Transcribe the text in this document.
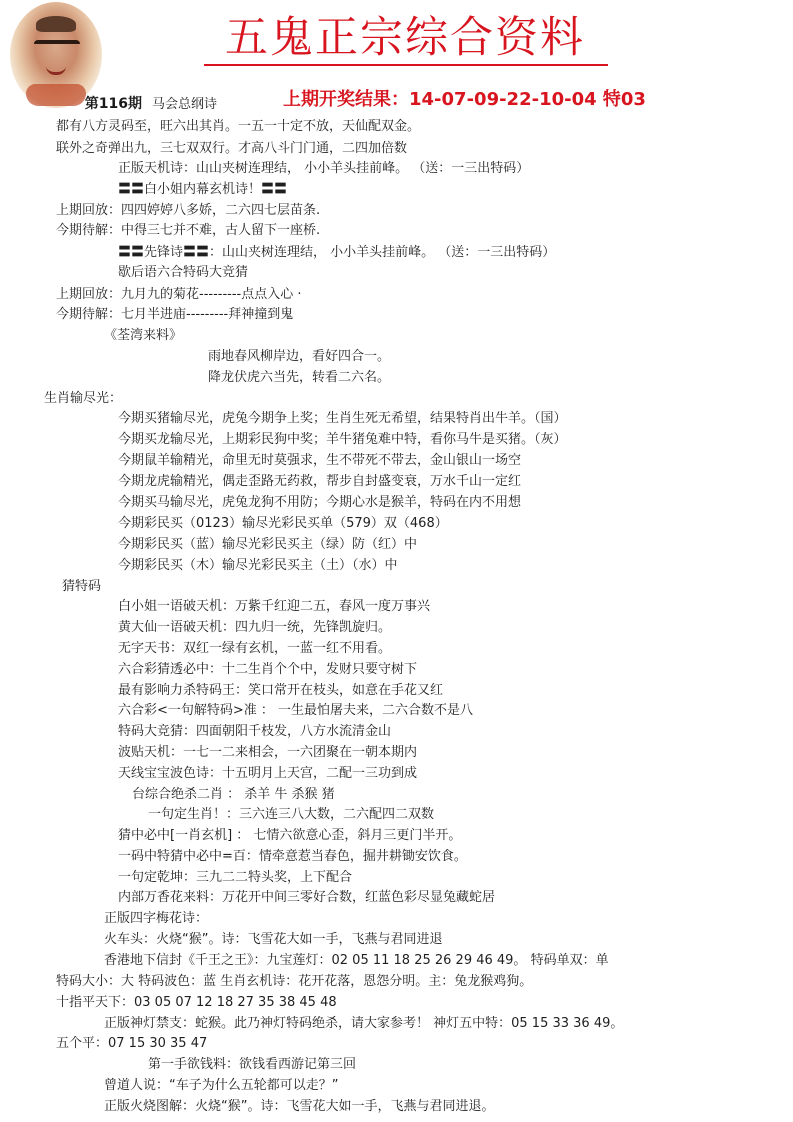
五鬼正宗综合资料
第116期 马会总纲诗	上期开奖结果：14-07-09-22-10-04 特03
都有八方灵码至，旺六出其肖。一五一十定不放，天仙配双金。
联外之奇弹出九，三七双双行。才高八斗门门通，二四加倍数
正版天机诗：山山夹树连理结， 小小羊头挂前峰。 （送：一三出特码）
〓〓白小姐内幕玄机诗！〓〓
上期回放：四四婷婷八多娇，二六四七层苗条.
今期待解：中得三七并不难，古人留下一座桥.
〓〓先锋诗〓〓：山山夹树连理结， 小小羊头挂前峰。 （送：一三出特码）
歇后语六合特码大竞猜
上期回放：九月九的菊花---------点点入心 ·
今期待解：七月半进庙---------拜神撞到鬼
《荃湾来料》
雨地春风柳岸边，看好四合一。
降龙伏虎六当先，转看二六名。
生肖输尽光：
今期买猪输尽光，虎兔今期争上奖；生肖生死无希望，结果特肖出牛羊。（国）
今期买龙输尽光，上期彩民狗中奖；羊牛猪兔难中特，看你马牛是买猪。（灰）
今期鼠羊输精光，命里无时莫强求，生不带死不带去，金山银山一场空
今期龙虎输精光，偶走歪路无药救，帮步自封盛变衰，万水千山一定红
今期买马输尽光，虎兔龙狗不用防；今期心水是猴羊，特码在内不用想
今期彩民买（0123）输尽光彩民买单（579）双（468）
今期彩民买（蓝）输尽光彩民买主（绿）防（红）中
今期彩民买（木）输尽光彩民买主（土）（水）中
猜特码
白小姐一语破天机：万紫千红迎二五，春风一度万事兴
黄大仙一语破天机：四九归一统，先锋凯旋归。
无字天书：双红一绿有玄机，一蓝一红不用看。
六合彩猜透必中：十二生肖个个中，发财只要守树下
最有影响力杀特码王：笑口常开在枝头，如意在手花又红
六合彩<一句解特码>准 ： 一生最怕屠夫来，二六合数不是八
特码大竞猜：四面朝阳千枝发，八方水流清金山
波贴天机：一七一二来相会，一六团聚在一朝本期内
天线宝宝波色诗：十五明月上天宫，二配一三功到成
台综合绝杀二肖 ： 杀羊 牛 杀猴 猪
一句定生肖！：三六连三八大数，二六配四二双数
猜中必中[一肖玄机] ： 七情六欲意心歪，斜月三更门半开。
一码中特猜中必中=百：情牵意惹当春色，掘井耕锄安饮食。
一句定乾坤：三九二二特头奖，上下配合
内部万香花来料：万花开中间三零好合数，红蓝色彩尽显兔藏蛇居
正版四字梅花诗：
火车头：火烧“猴”。诗：飞雪花大如一手，飞燕与君同进退
香港地下信封《千王之王》：九宝莲灯：02 05 11 18 25 26 29 46 49。 特码单双：单
特码大小：大 特码波色：蓝 生肖玄机诗：花开花落，恩怨分明。主：兔龙猴鸡狗。
十指平天下：03 05 07 12 18 27 35 38 45 48
正版神灯禁支：蛇猴。此乃神灯特码绝杀，请大家参考！ 神灯五中特：05 15 33 36 49。
五个平：07 15 30 35 47
第一手欲钱料：欲钱看西游记第三回
曾道人说：“车子为什么五轮都可以走？”
正版火烧图解：火烧“猴”。诗：飞雪花大如一手，飞燕与君同进退。
